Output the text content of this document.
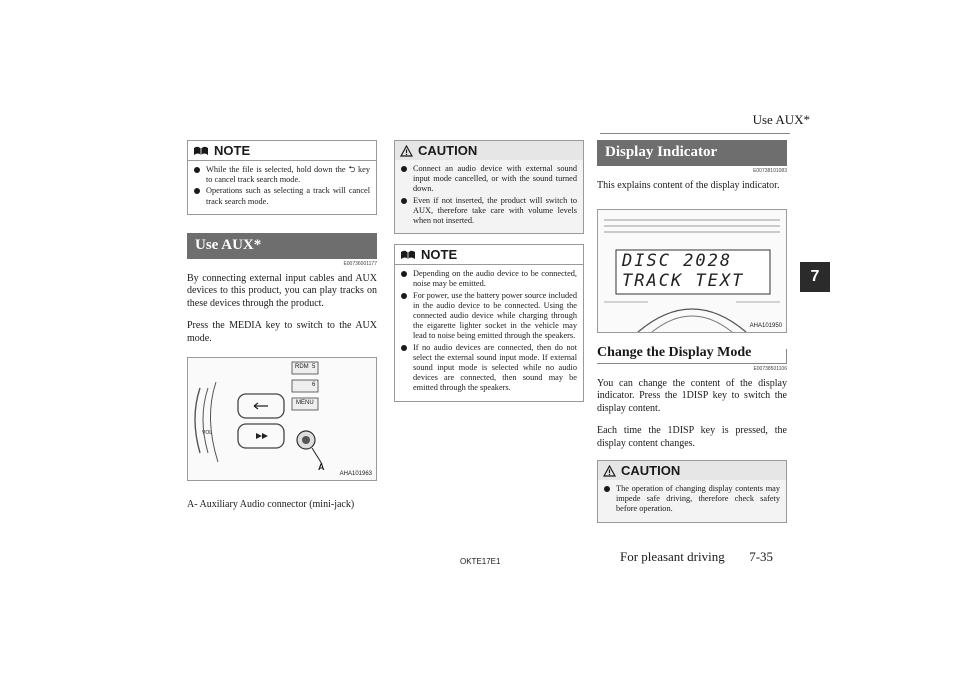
Use AUX*
7
NOTE
While the file is selected, hold down the ⮌ key to cancel track search mode.
Operations such as selecting a track will cancel track search mode.
Use AUX*
E00736001177

By connecting external input cables and AUX devices to this product, you can play tracks on these devices through the product.

Press the MEDIA key to switch to the AUX mode.

RDM 5
6
MENU
VOL
A
AHA101963

A- Auxiliary Audio connector (mini-jack)

CAUTION
Connect an audio device with external sound input mode cancelled, or with the sound turned down.
Even if not inserted, the product will switch to AUX, therefore take care with volume levels when not inserted.
NOTE
Depending on the audio device to be connected, noise may be emitted.
For power, use the battery power source included in the audio device to be connected. Using the connected audio device while charging through the eigarette lighter socket in the vehicle may lead to noise being emitted through the speakers.
If no audio devices are connected, then do not select the external sound input mode. If external sound input mode is selected while no audio devices are connected, then sound may be emitted through the speakers.
Display Indicator
E00738101083

This explains content of the display indicator.

DISC 2028
TRACK TEXT
AHA101950
Change the Display Mode
E00738501106

You can change the content of the display indicator. Press the 1DISP key to switch the display content.

Each time the 1DISP key is pressed, the display content changes.

CAUTION
The operation of changing display contents may impede safe driving, therefore check safety before operation.
OKTE17E1	For pleasant driving 7-35
